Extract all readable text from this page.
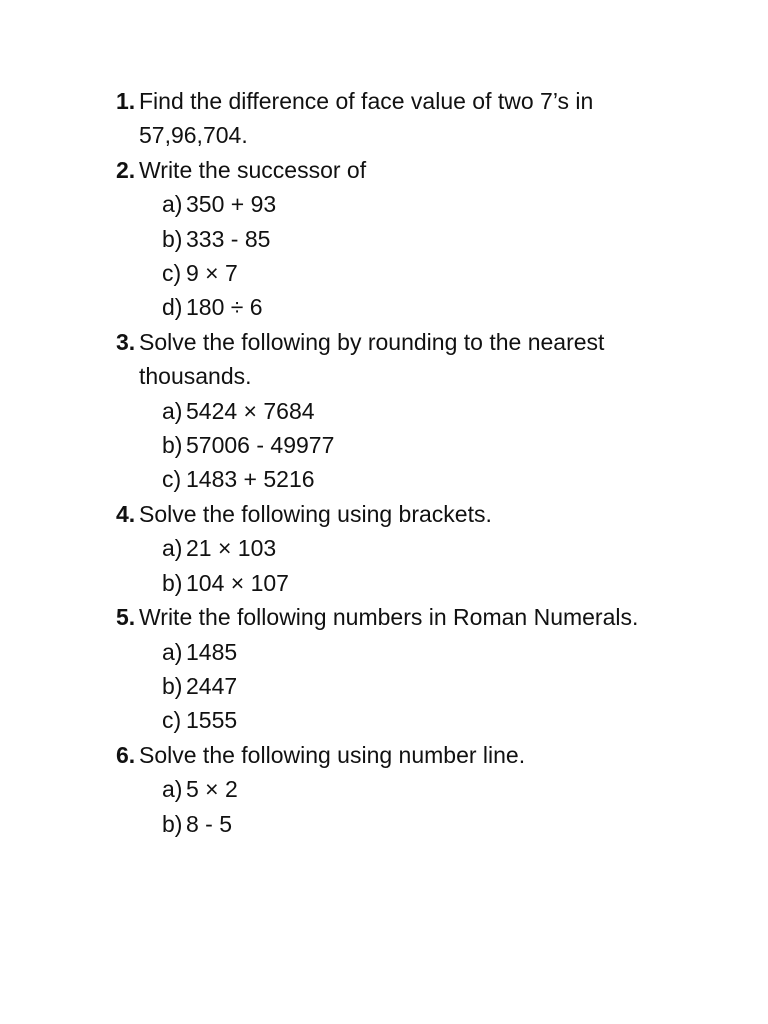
1. Find the difference of face value of two 7’s in 57,96,704.
2. Write the successor of
a) 350 + 93
b) 333 - 85
c) 9 × 7
d) 180 ÷ 6
3. Solve the following by rounding to the nearest thousands.
a) 5424 × 7684
b) 57006 - 49977
c) 1483 + 5216
4. Solve the following using brackets.
a) 21 × 103
b) 104 × 107
5. Write the following numbers in Roman Numerals.
a) 1485
b) 2447
c) 1555
6. Solve the following using number line.
a) 5 × 2
b) 8 - 5
